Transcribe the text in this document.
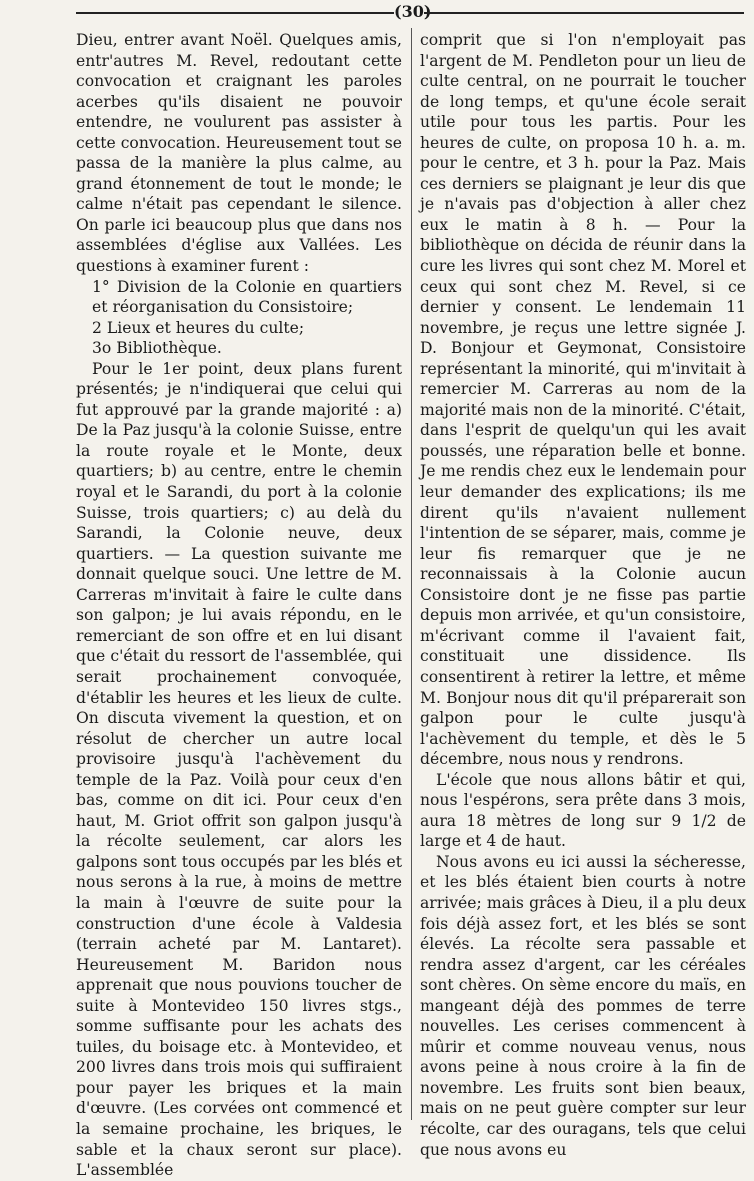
(30)

Dieu, entrer avant Noël. Quelques amis, entr'autres M. Revel, redoutant cette convocation et craignant les paroles acerbes qu'ils disaient ne pouvoir entendre, ne voulurent pas assister à cette convocation. Heureusement tout se passa de la manière la plus calme, au grand étonnement de tout le monde; le calme n'était pas cependant le silence. On parle ici beaucoup plus que dans nos assemblées d'église aux Vallées. Les questions à examiner furent :

1° Division de la Colonie en quartiers et réorganisation du Consistoire;

2 Lieux et heures du culte;

3o Bibliothèque.

Pour le 1er point, deux plans furent présentés; je n'indiquerai que celui qui fut approuvé par la grande majorité : a) De la Paz jusqu'à la colonie Suisse, entre la route royale et le Monte, deux quartiers; b) au centre, entre le chemin royal et le Sarandi, du port à la colonie Suisse, trois quartiers; c) au delà du Sarandi, la Colonie neuve, deux quartiers. — La question suivante me donnait quelque souci. Une lettre de M. Carreras m'invitait à faire le culte dans son galpon; je lui avais répondu, en le remerciant de son offre et en lui disant que c'était du ressort de l'assemblée, qui serait prochainement convoquée, d'établir les heures et les lieux de culte. On discuta vivement la question, et on résolut de chercher un autre local provisoire jusqu'à l'achèvement du temple de la Paz. Voilà pour ceux d'en bas, comme on dit ici. Pour ceux d'en haut, M. Griot offrit son galpon jusqu'à la récolte seulement, car alors les galpons sont tous occupés par les blés et nous serons à la rue, à moins de mettre la main à l'œuvre de suite pour la construction d'une école à Valdesia (terrain acheté par M. Lantaret). Heureusement M. Baridon nous apprenait que nous pouvions toucher de suite à Montevideo 150 livres stgs., somme suffisante pour les achats des tuiles, du boisage etc. à Montevideo, et 200 livres dans trois mois qui suffiraient pour payer les briques et la main d'œuvre. (Les corvées ont commencé et la semaine prochaine, les briques, le sable et la chaux seront sur place). L'assemblée

comprit que si l'on n'employait pas l'argent de M. Pendleton pour un lieu de culte central, on ne pourrait le toucher de long temps, et qu'une école serait utile pour tous les partis. Pour les heures de culte, on proposa 10 h. a. m. pour le centre, et 3 h. pour la Paz. Mais ces derniers se plaignant je leur dis que je n'avais pas d'objection à aller chez eux le matin à 8 h. — Pour la bibliothèque on décida de réunir dans la cure les livres qui sont chez M. Morel et ceux qui sont chez M. Revel, si ce dernier y consent. Le lendemain 11 novembre, je reçus une lettre signée J. D. Bonjour et Geymonat, Consistoire représentant la minorité, qui m'invitait à remercier M. Carreras au nom de la majorité mais non de la minorité. C'était, dans l'esprit de quelqu'un qui les avait poussés, une réparation belle et bonne. Je me rendis chez eux le lendemain pour leur demander des explications; ils me dirent qu'ils n'avaient nullement l'intention de se séparer, mais, comme je leur fis remarquer que je ne reconnaissais à la Colonie aucun Consistoire dont je ne fisse pas partie depuis mon arrivée, et qu'un consistoire, m'écrivant comme il l'avaient fait, constituait une dissidence. Ils consentirent à retirer la lettre, et même M. Bonjour nous dit qu'il préparerait son galpon pour le culte jusqu'à l'achèvement du temple, et dès le 5 décembre, nous nous y rendrons.

L'école que nous allons bâtir et qui, nous l'espérons, sera prête dans 3 mois, aura 18 mètres de long sur 9 1/2 de large et 4 de haut.

Nous avons eu ici aussi la sécheresse, et les blés étaient bien courts à notre arrivée; mais grâces à Dieu, il a plu deux fois déjà assez fort, et les blés se sont élevés. La récolte sera passable et rendra assez d'argent, car les céréales sont chères. On sème encore du maïs, en mangeant déjà des pommes de terre nouvelles. Les cerises commencent à mûrir et comme nouveau venus, nous avons peine à nous croire à la fin de novembre. Les fruits sont bien beaux, mais on ne peut guère compter sur leur récolte, car des ouragans, tels que celui que nous avons eu
